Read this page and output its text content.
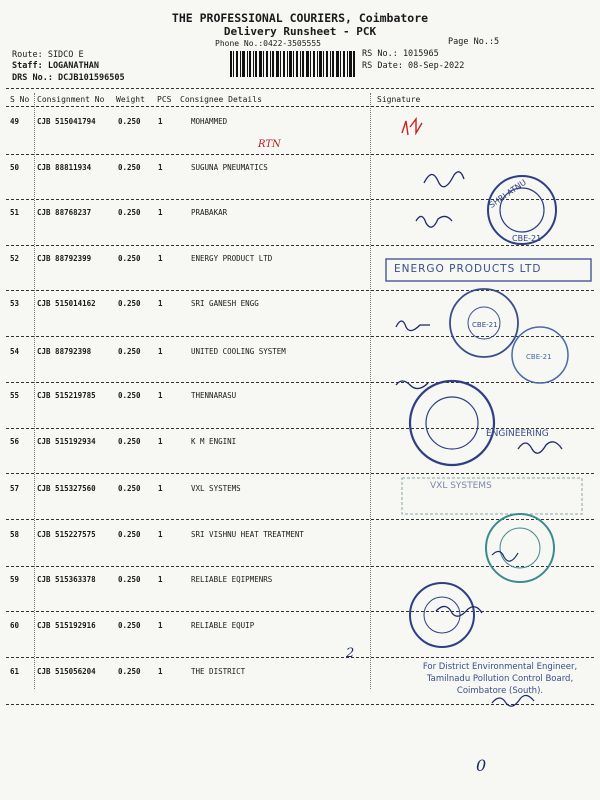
THE PROFESSIONAL COURIERS, Coimbatore
Delivery Runsheet - PCK
Phone No.:0422-3505555	Page No.:5
Route: SIDCO E
Staff: LOGANATHAN
DRS No.: DCJB101596505
RS No.: 1015965
RS Date: 08-Sep-2022
S No Consignment No Weight PCS Consignee Details	Signature
49 CJB 515041794	0.250 1	MOHAMMED
50 CJB 88811934	0.250 1	SUGUNA PNEUMATICS
51 CJB 88768237	0.250 1	PRABAKAR
52 CJB 88792399	0.250 1	ENERGY PRODUCT LTD
53 CJB 515014162	0.250 1	SRI GANESH ENGG
54 CJB 88792398	0.250 1	UNITED COOLING SYSTEM
55 CJB 515219785	0.250 1	THENNARASU
56 CJB 515192934	0.250 1	K M ENGINI
57 CJB 515327560	0.250 1	VXL SYSTEMS
58 CJB 515227575	0.250 1	SRI VISHNU HEAT TREATMENT
59 CJB 515363378	0.250 1	RELIABLE EQIPMENRS
60 CJB 515192916	0.250 1	RELIABLE EQUIP
61 CJB 515056204	0.250 1	THE DISTRICT
SHRI ATNU
CBE-21
CBE-21
CBE-21
RTN
2
0
ENERGO PRODUCTS LTD
ENGINEERING
VXL SYSTEMS
For District Environmental Engineer,
Tamilnadu Pollution Control Board,
Coimbatore (South).
